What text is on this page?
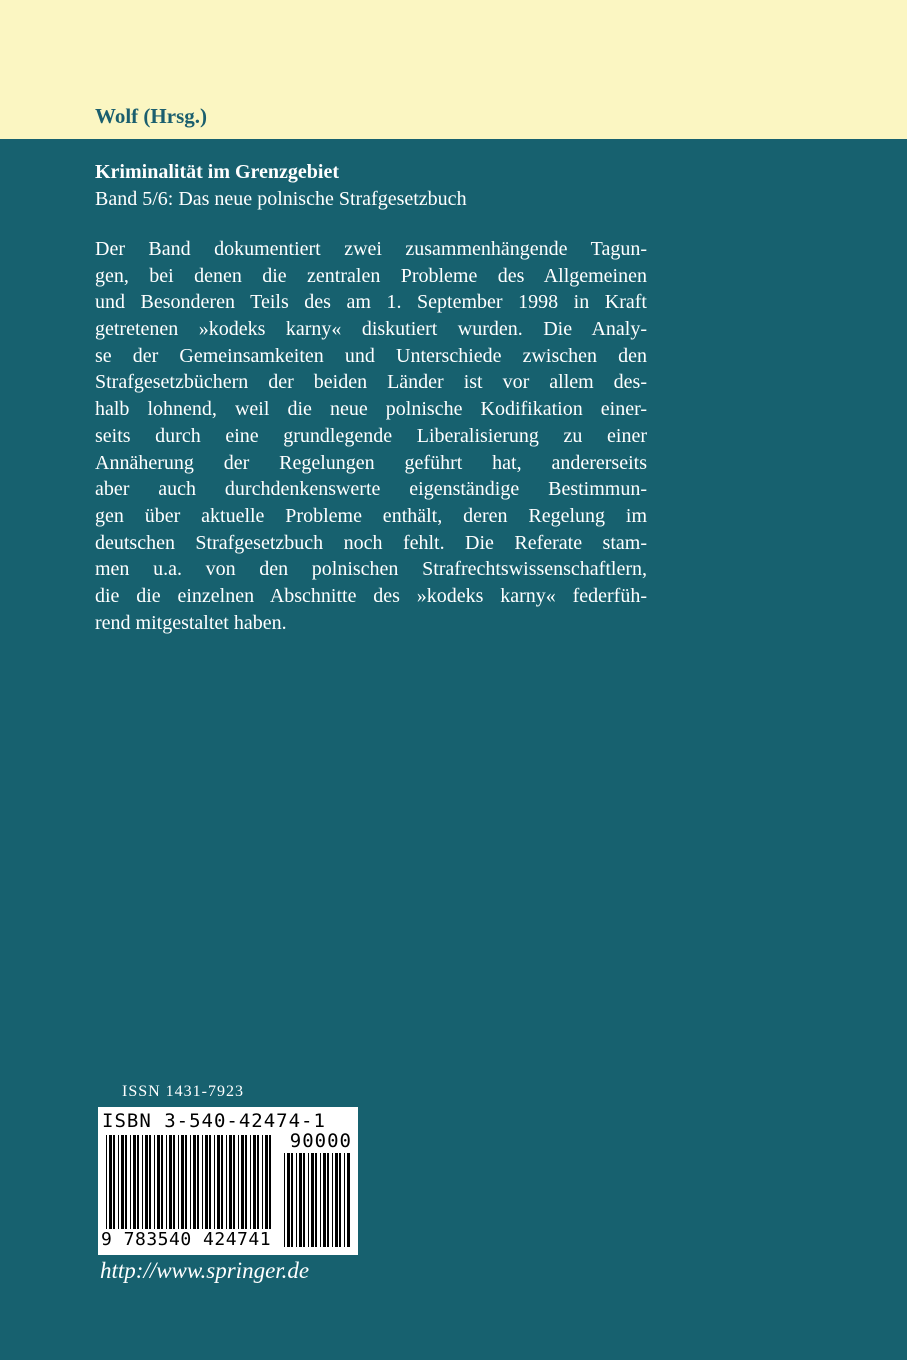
Wolf (Hrsg.)
Kriminalität im Grenzgebiet
Band 5/6: Das neue polnische Strafgesetzbuch
Der Band dokumentiert zwei zusammenhängende Tagun-
gen, bei denen die zentralen Probleme des Allgemeinen
und Besonderen Teils des am 1. September 1998 in Kraft
getretenen »kodeks karny« diskutiert wurden. Die Analy-
se der Gemeinsamkeiten und Unterschiede zwischen den
Strafgesetzbüchern der beiden Länder ist vor allem des-
halb lohnend, weil die neue polnische Kodifikation einer-
seits durch eine grundlegende Liberalisierung zu einer
Annäherung der Regelungen geführt hat, andererseits
aber auch durchdenkenswerte eigenständige Bestimmun-
gen über aktuelle Probleme enthält, deren Regelung im
deutschen Strafgesetzbuch noch fehlt. Die Referate stam-
men u.a. von den polnischen Strafrechtswissenschaftlern,
die die einzelnen Abschnitte des »kodeks karny« federfüh-
rend mitgestaltet haben.
ISSN 1431-7923
ISBN 3-540-42474-1
90000
9 783540 424741
http://www.springer.de
